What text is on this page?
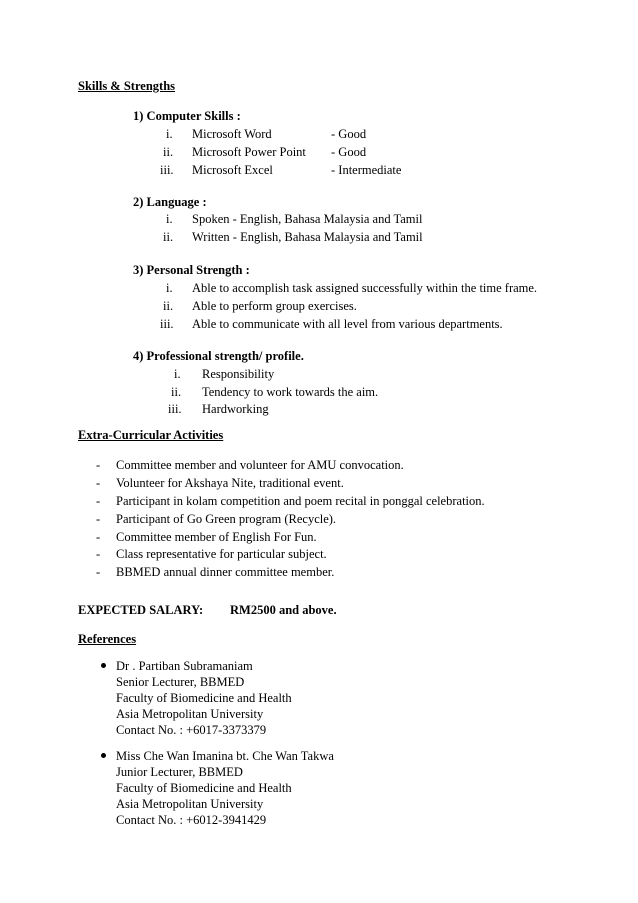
Skills & Strengths
1) Computer Skills :
i. Microsoft Word	- Good
ii. Microsoft Power Point - Good
iii. Microsoft Excel	- Intermediate
2) Language :
i. Spoken - English, Bahasa Malaysia and Tamil
ii. Written - English, Bahasa Malaysia and Tamil
3) Personal Strength :
i. Able to accomplish task assigned successfully within the time frame.
ii. Able to perform group exercises.
iii. Able to communicate with all level from various departments.
4) Professional strength/ profile.
i. Responsibility
ii. Tendency to work towards the aim.
iii. Hardworking
Extra-Curricular Activities
- Committee member and volunteer for AMU convocation.
- Volunteer for Akshaya Nite, traditional event.
- Participant in kolam competition and poem recital in ponggal celebration.
- Participant of Go Green program (Recycle).
- Committee member of English For Fun.
- Class representative for particular subject.
- BBMED annual dinner committee member.
EXPECTED SALARY: RM2500 and above.
References
Dr . Partiban Subramaniam
Senior Lecturer, BBMED
Faculty of Biomedicine and Health
Asia Metropolitan University
Contact No. : +6017-3373379
Miss Che Wan Imanina bt. Che Wan Takwa
Junior Lecturer, BBMED
Faculty of Biomedicine and Health
Asia Metropolitan University
Contact No. : +6012-3941429
